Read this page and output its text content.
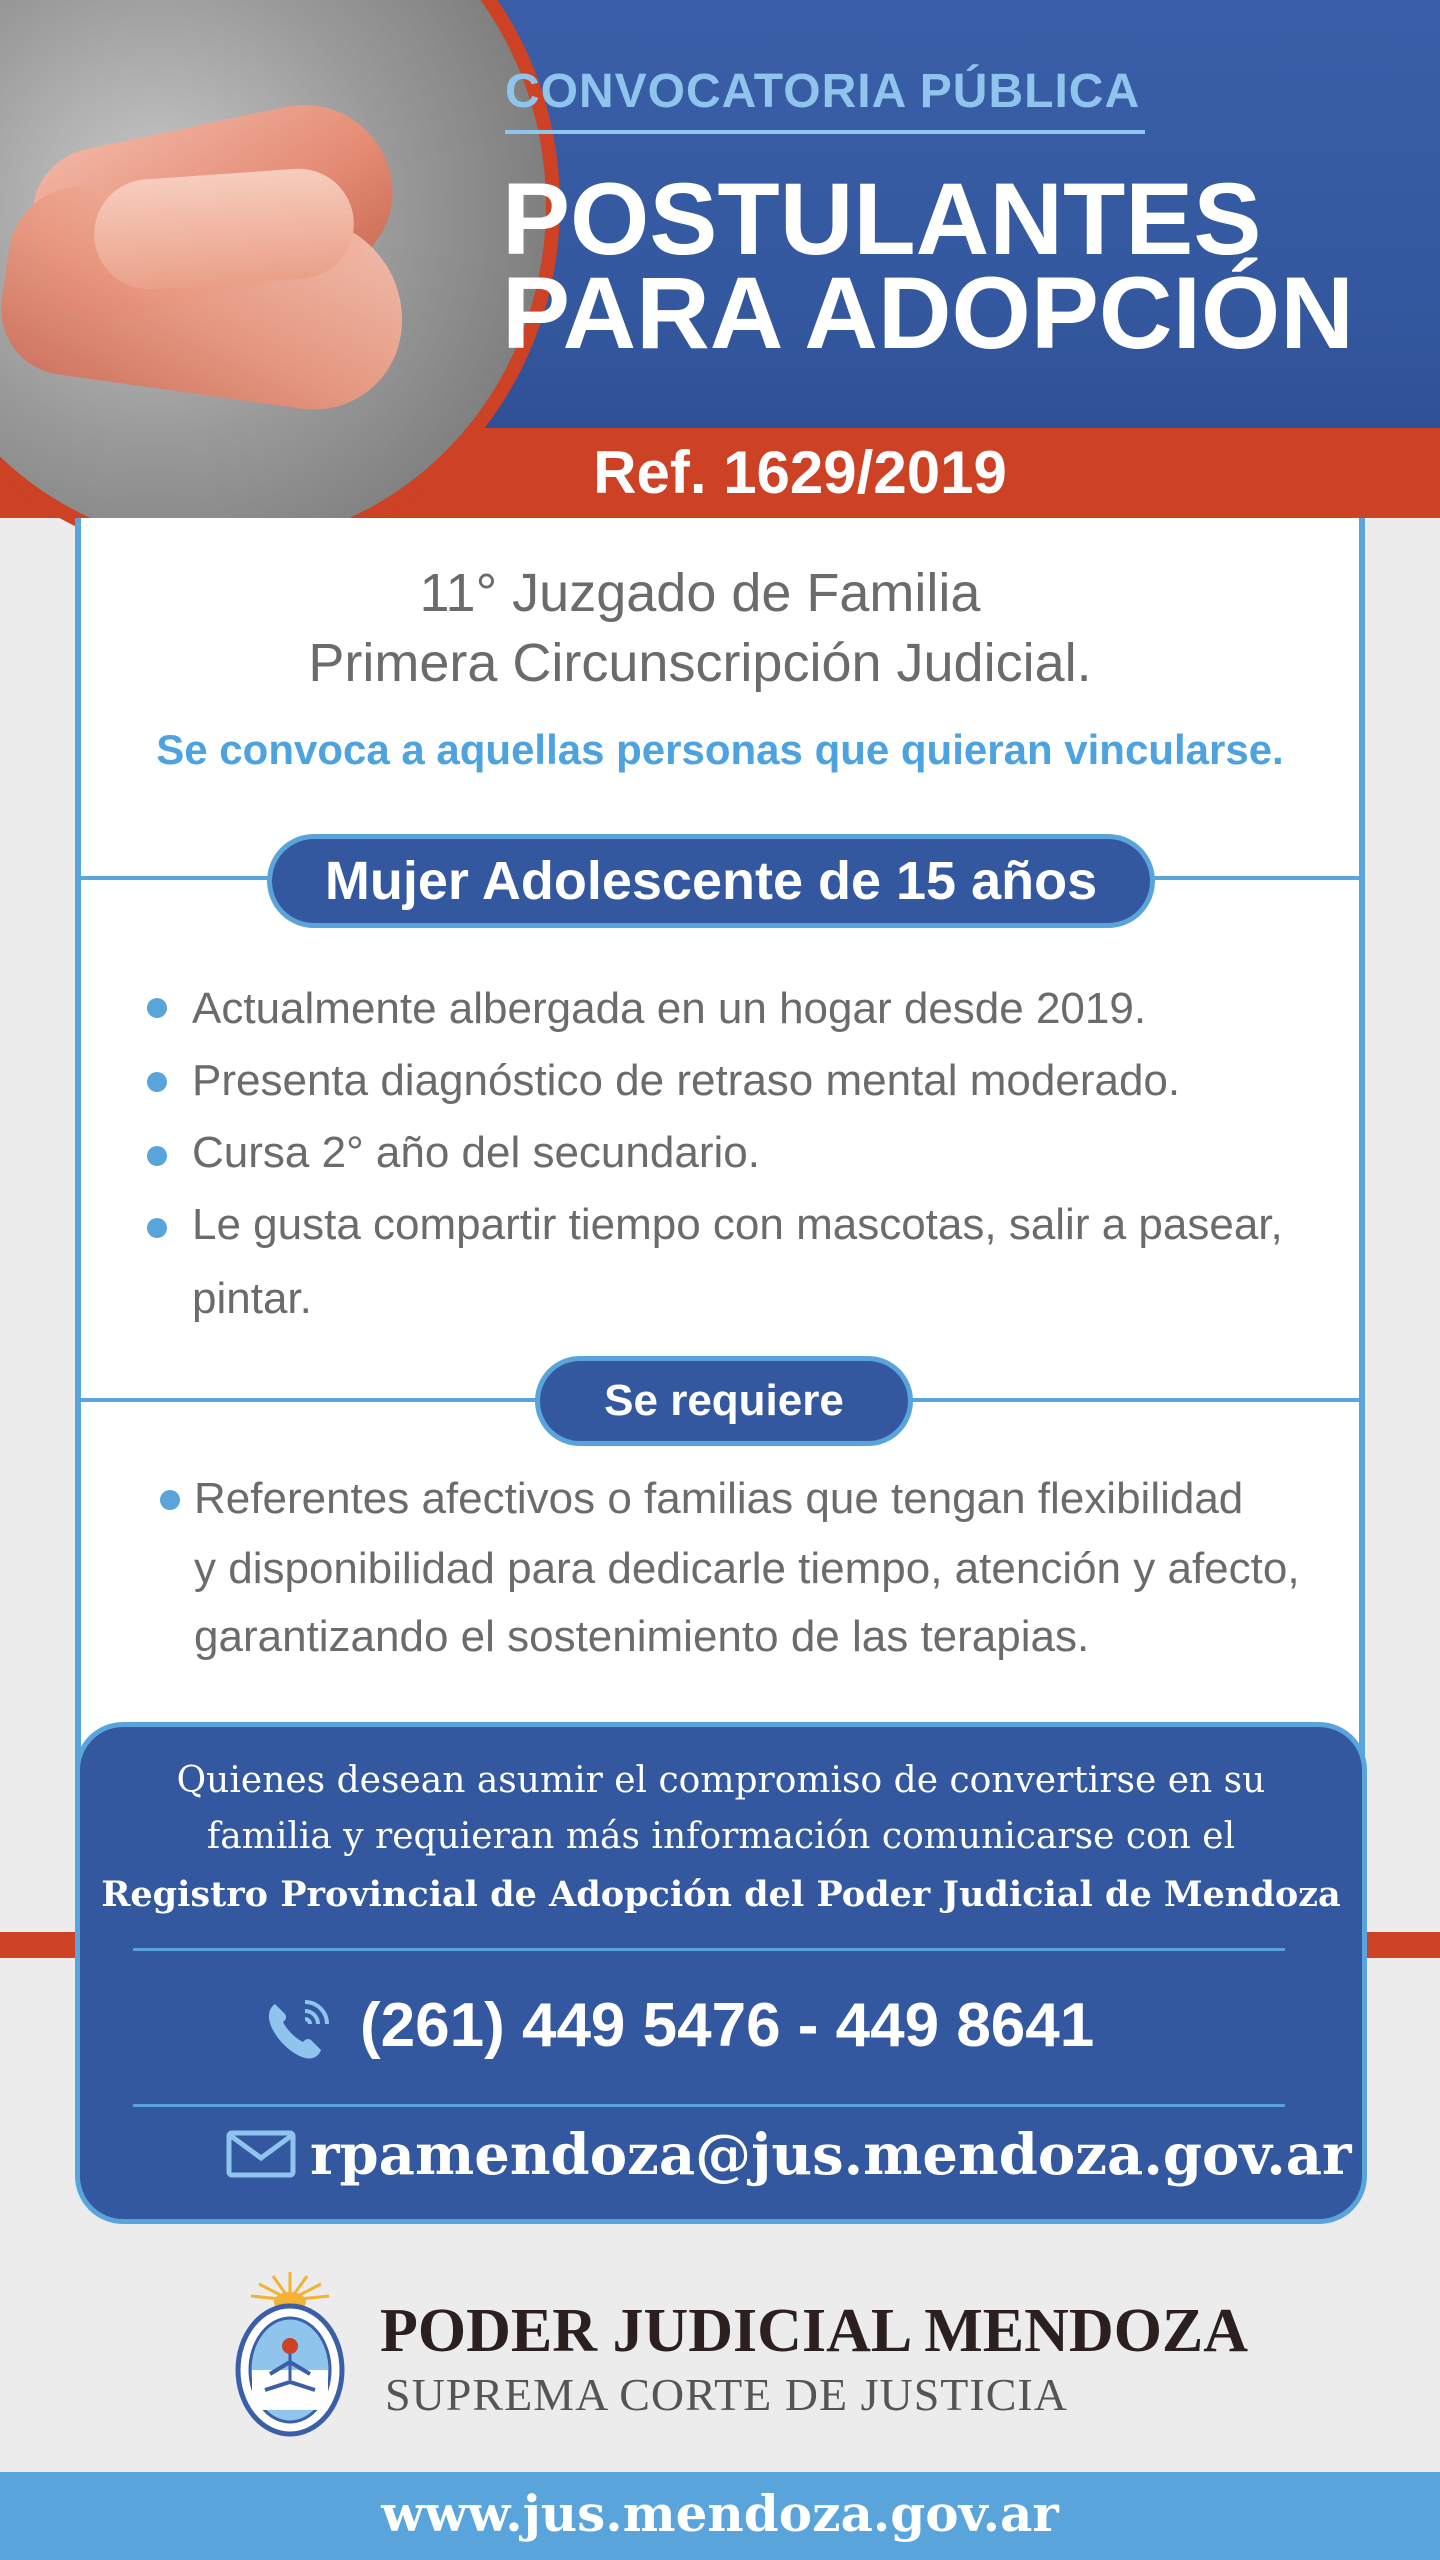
CONVOCATORIA PÚBLICA
POSTULANTES
PARA ADOPCIÓN
Ref. 1629/2019
11° Juzgado de Familia
Primera Circunscripción Judicial.
Se convoca a aquellas personas que quieran vincularse.
Mujer Adolescente de 15 años
Actualmente albergada en un hogar desde 2019.
Presenta diagnóstico de retraso mental moderado.
Cursa 2° año del secundario.
Le gusta compartir tiempo con mascotas, salir a pasear,
pintar.
Se requiere
Referentes afectivos o familias que tengan flexibilidad
y disponibilidad para dedicarle tiempo, atención y afecto,
garantizando el sostenimiento de las terapias.
Quienes desean asumir el compromiso de convertirse en su
familia y requieran más información comunicarse con el
Registro Provincial de Adopción del Poder Judicial de Mendoza
(261) 449 5476 - 449 8641
rpamendoza@jus.mendoza.gov.ar
PODER JUDICIAL MENDOZA
SUPREMA CORTE DE JUSTICIA
www.jus.mendoza.gov.ar
